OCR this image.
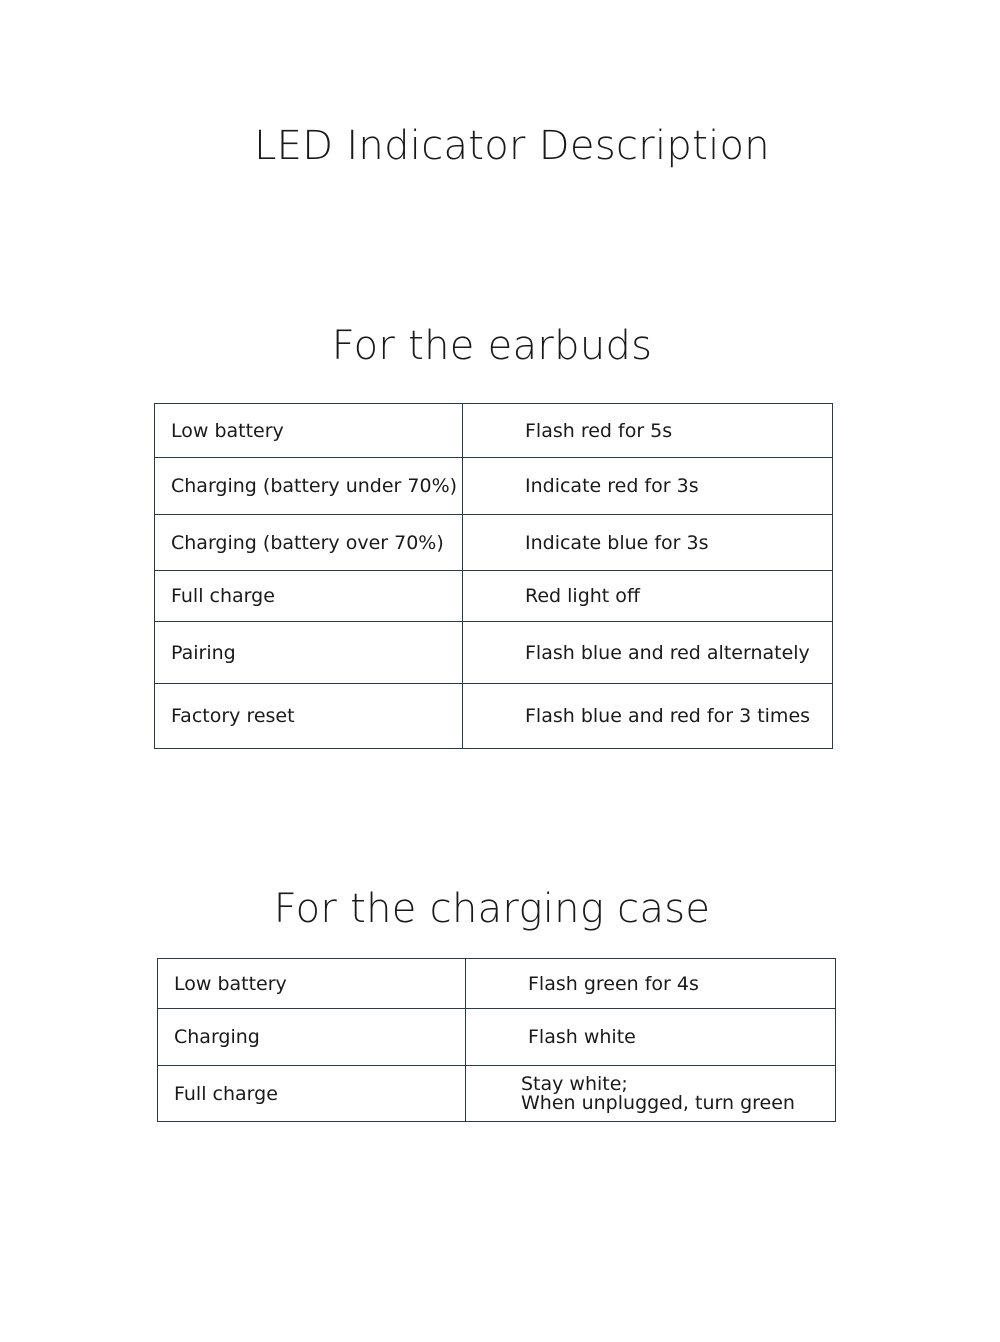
LED Indicator Description
For the earbuds
Low battery	Flash red for 5s
Charging (battery under 70%)	Indicate red for 3s
Charging (battery over 70%)	Indicate blue for 3s
Full charge	Red light off
Pairing	Flash blue and red alternately
Factory reset	Flash blue and red for 3 times
For the charging case
Low battery	Flash green for 4s
Charging	Flash white
Full charge	Stay white;
When unplugged, turn green
